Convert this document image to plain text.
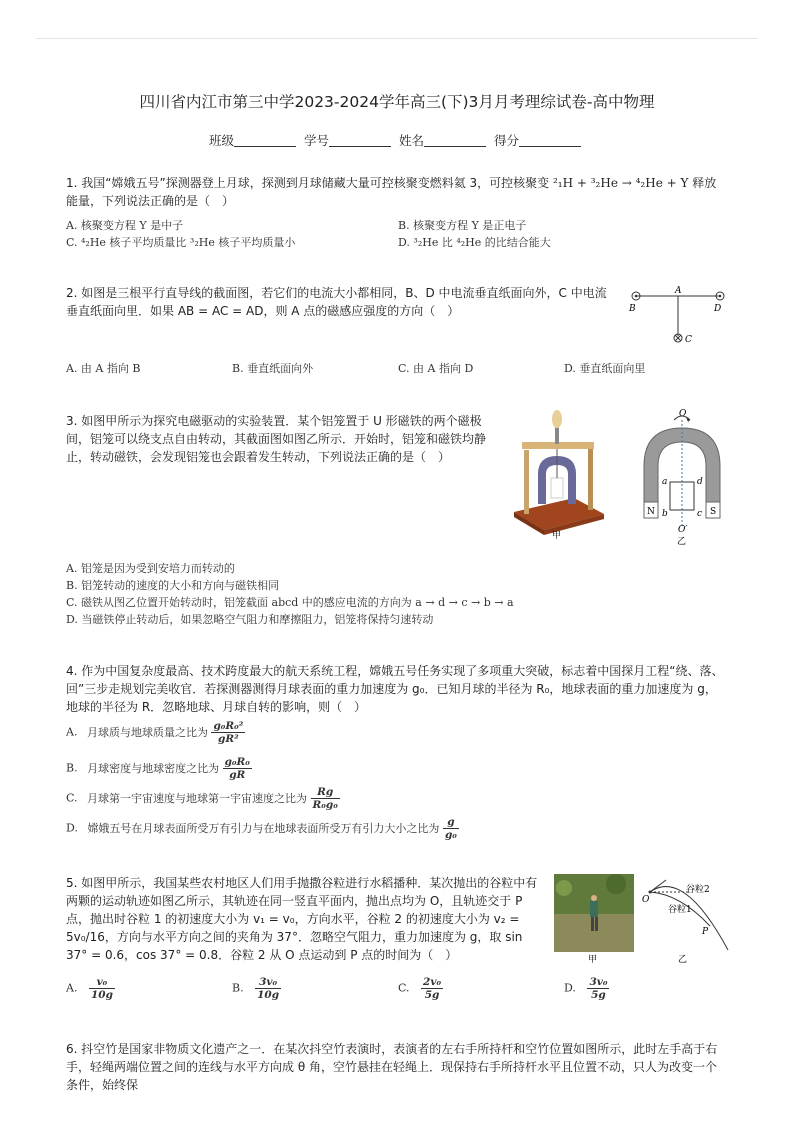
四川省内江市第三中学2023-2024学年高三(下)3月月考理综试卷-高中物理
班级	学号	姓名	得分
1. 我国“嫦娥五号”探测器登上月球，探测到月球储藏大量可控核聚变燃料氦 3，可控核聚变 ²₁H + ³₂He → ⁴₂He + Y 释放能量，下列说法正确的是（　）
A. 核聚变方程 Y 是中子	B. 核聚变方程 Y 是正电子
C. ⁴₂He 核子平均质量比 ³₂He 核子平均质量小	D. ³₂He 比 ⁴₂He 的比结合能大
2. 如图是三根平行直导线的截面图，若它们的电流大小都相同，B、D 中电流垂直纸面向外，C 中电流垂直纸面向里．如果 AB = AC = AD，则 A 点的磁感应强度的方向（　）
A
B	D
C
A. 由 A 指向 B	B. 垂直纸面向外	C. 由 A 指向 D	D. 垂直纸面向里
3. 如图甲所示为探究电磁驱动的实验装置．某个铝笼置于 U 形磁铁的两个磁极间，铝笼可以绕支点自由转动，其截面图如图乙所示．开始时，铝笼和磁铁均静止，转动磁铁，会发现铝笼也会跟着发生转动，下列说法正确的是（　）
甲
O
O′
N	S
a
b	c
d
乙
A. 铝笼是因为受到安培力而转动的
B. 铝笼转动的速度的大小和方向与磁铁相同
C. 磁铁从图乙位置开始转动时，铝笼截面 abcd 中的感应电流的方向为 a → d → c → b → a
D. 当磁铁停止转动后，如果忽略空气阻力和摩擦阻力，铝笼将保持匀速转动
4. 作为中国复杂度最高、技术跨度最大的航天系统工程，嫦娥五号任务实现了多项重大突破，标志着中国探月工程“绕、落、回”三步走规划完美收官．若探测器测得月球表面的重力加速度为 g₀．已知月球的半径为 R₀，地球表面的重力加速度为 g，地球的半径为 R．忽略地球、月球自转的影响，则（　）
A. 月球质与地球质量之比为 $\frac{\text{g₀R₀²}}{\text{gR²}}$
B. 月球密度与地球密度之比为 $\frac{\text{g₀R₀}}{gR}$
C. 月球第一宇宙速度与地球第一宇宙速度之比为 $\frac{Rg}{\text{R₀g₀}}$
D. 嫦娥五号在月球表面所受万有引力与在地球表面所受万有引力大小之比为 $\frac{g}{\text{g₀}}$
5. 如图甲所示，我国某些农村地区人们用手抛撒谷粒进行水稻播种．某次抛出的谷粒中有两颗的运动轨迹如图乙所示，其轨迹在同一竖直平面内，抛出点均为 O，且轨迹交于 P 点，抛出时谷粒 1 的初速度大小为 v₁ = v₀，方向水平，谷粒 2 的初速度大小为 v₂ = 5v₀/16，方向与水平方向之间的夹角为 37°．忽略空气阻力，重力加速度为 g，取 sin 37° = 0.6，cos 37° = 0.8．谷粒 2 从 O 点运动到 P 点的时间为（　）	甲
O
P
谷粒1
谷粒2
乙
A. $\frac{\text{v₀}}{10g}$	B. $\frac{\text{3v₀}}{10g}$	C. $\frac{\text{2v₀}}{5g}$	D. $\frac{\text{3v₀}}{5g}$
6. 抖空竹是国家非物质文化遗产之一．在某次抖空竹表演时，表演者的左右手所持杆和空竹位置如图所示，此时左手高于右手，轻绳两端位置之间的连线与水平方向成 θ 角，空竹悬挂在轻绳上．现保持右手所持杆水平且位置不动，只人为改变一个条件，始终保
